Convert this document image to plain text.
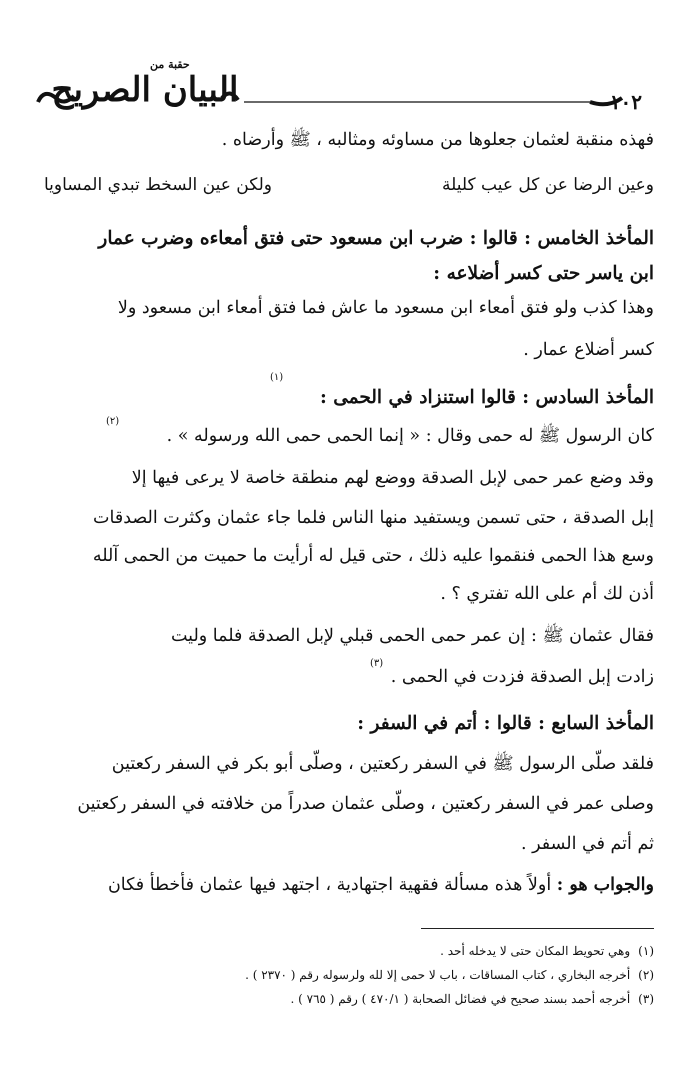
حقبة من
البيان الصريح	١٠٢
فهذه منقبة لعثمان جعلوها من مساوئه ومثالبه ، ﷺ وأرضاه .
وعين الرضا عن كل عيب كليلة
ولكن عين السخط تبدي المساويا
المأخذ الخامس : قالوا : ضرب ابن مسعود حتى فتق أمعاءه وضرب عمار
ابن ياسر حتى كسر أضلاعه :
وهذا كذب ولو فتق أمعاء ابن مسعود ما عاش فما فتق أمعاء ابن مسعود ولا
كسر أضلاع عمار .
(١)
المأخذ السادس : قالوا استنزاد في الحمى :
(٢)
كان الرسول ﷺ له حمى وقال : « إنما الحمى حمى الله ورسوله » .
وقد وضع عمر حمى لإبل الصدقة ووضع لهم منطقة خاصة لا يرعى فيها إلا
إبل الصدقة ، حتى تسمن ويستفيد منها الناس فلما جاء عثمان وكثرت الصدقات
وسع هذا الحمى فنقموا عليه ذلك ، حتى قيل له أرأيت ما حميت من الحمى آلله
أذن لك أم على الله تفتري ؟ .
فقال عثمان ﷺ : إن عمر حمى الحمى قبلي لإبل الصدقة فلما وليت
(٣)
زادت إبل الصدقة فزدت في الحمى .
المأخذ السابع : قالوا : أتم في السفر :
فلقد صلّى الرسول ﷺ في السفر ركعتين ، وصلّى أبو بكر في السفر ركعتين
وصلى عمر في السفر ركعتين ، وصلّى عثمان صدراً من خلافته في السفر ركعتين
ثم أتم في السفر .
والجواب هو : أولاً هذه مسألة فقهية اجتهادية ، اجتهد فيها عثمان فأخطأ فكان
(١)وهي تحويط المكان حتى لا يدخله أحد .
(٢)أخرجه البخاري ، كتاب المساقات ، باب لا حمى إلا لله ولرسوله رقم ( ٢٣٧٠ ) .
(٣)أخرجه أحمد بسند صحيح في فضائل الصحابة ( ٤٧٠/١ ) رقم ( ٧٦٥ ) .
